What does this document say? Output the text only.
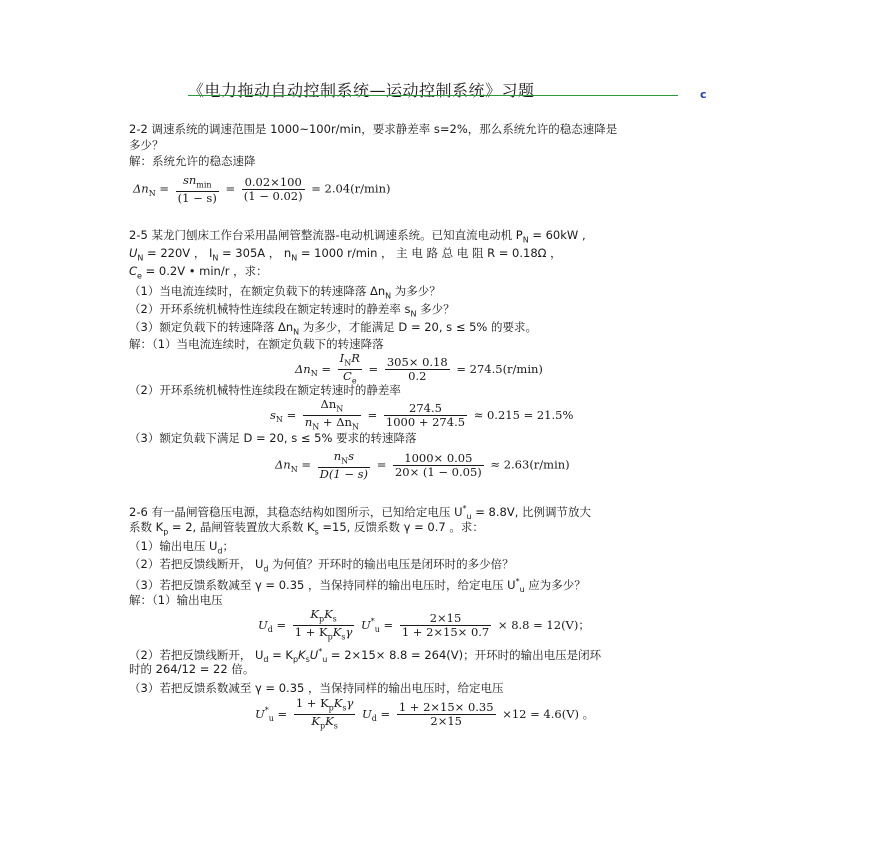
《电力拖动自动控制系统—运动控制系统》习题	c
2-2 调速系统的调速范围是 1000~100r/min，要求静差率 s=2%，那么系统允许的稳态速降是
多少？
解：系统允许的稳态速降
$\Delta n_N = \frac{sn_{min}}{(1 - s)} = \frac{0.02\times 100}{(1 - 0.02)} = 2.04(r/\min)$
2-5 某龙门刨床工作台采用晶闸管整流器-电动机调速系统。已知直流电动机 $P_N = 60kW$ ,
$U_N = 220V$ ， $I_N = 305A$ ， $n_N = 1000$ r/min ， 主 电 路 总 电 阻 R = 0.18Ω ，
$C_e = 0.2V$ • min/r ，求：
（1）当电流连续时，在额定负载下的转速降落 $\Delta n_N$ 为多少？
（2）开环系统机械特性连续段在额定转速时的静差率 $s_N$ 多少？
（3）额定负载下的转速降落 $\Delta n_N$ 为多少，才能满足 D = 20, s ≤ 5% 的要求。
解：（1）当电流连续时，在额定负载下的转速降落
$\Delta n_N = \frac{I_NR}{C_e} = \frac{305\times 0.18}{0.2} = 274.5(r/\min)$
（2）开环系统机械特性连续段在额定转速时的静差率
$s_N = \frac{\Delta n_N}{n_N + \Delta n_N} = \frac{274.5}{1000 + 274.5} \approx 0.215 = 21.5\%$
（3）额定负载下满足 D = 20, s ≤ 5% 要求的转速降落
$\Delta n_N = \frac{n_Ns}{D(1 - s)} = \frac{1000\times 0.05}{20\times (1 - 0.05)} \approx 2.63(r/\min)$
2-6 有一晶闸管稳压电源，其稳态结构如图所示，已知给定电压 $U^*_u = 8.8V$, 比例调节放大
系数 $K_p = 2$, 晶闸管装置放大系数 $K_s =15$, 反馈系数 γ = 0.7 。求：
（1）输出电压 $U_d$；
（2）若把反馈线断开， $U_d$ 为何值？开环时的输出电压是闭环时的多少倍？
（3）若把反馈系数减至 γ = 0.35 ，当保持同样的输出电压时，给定电压 $U^*_u$ 应为多少？
解：（1）输出电压
$U_d = \frac{K_pK_s}{1 + K_pK_s\gamma} U^*_u = \frac{2\times 15}{1 + 2\times 15\times 0.7} \times 8.8 = 12(V)$；
（2）若把反馈线断开， $U_d = K_pK_sU^*_u = 2\times 15\times 8.8 = 264(V)$；开环时的输出电压是闭环
时的 264/12 = 22 倍。
（3）若把反馈系数减至 γ = 0.35 ，当保持同样的输出电压时，给定电压
$U^*_u = \frac{1 + K_pK_s\gamma}{K_pK_s} U_d = \frac{1 + 2\times 15\times 0.35}{2\times 15} \times 12 = 4.6(V)$ 。
